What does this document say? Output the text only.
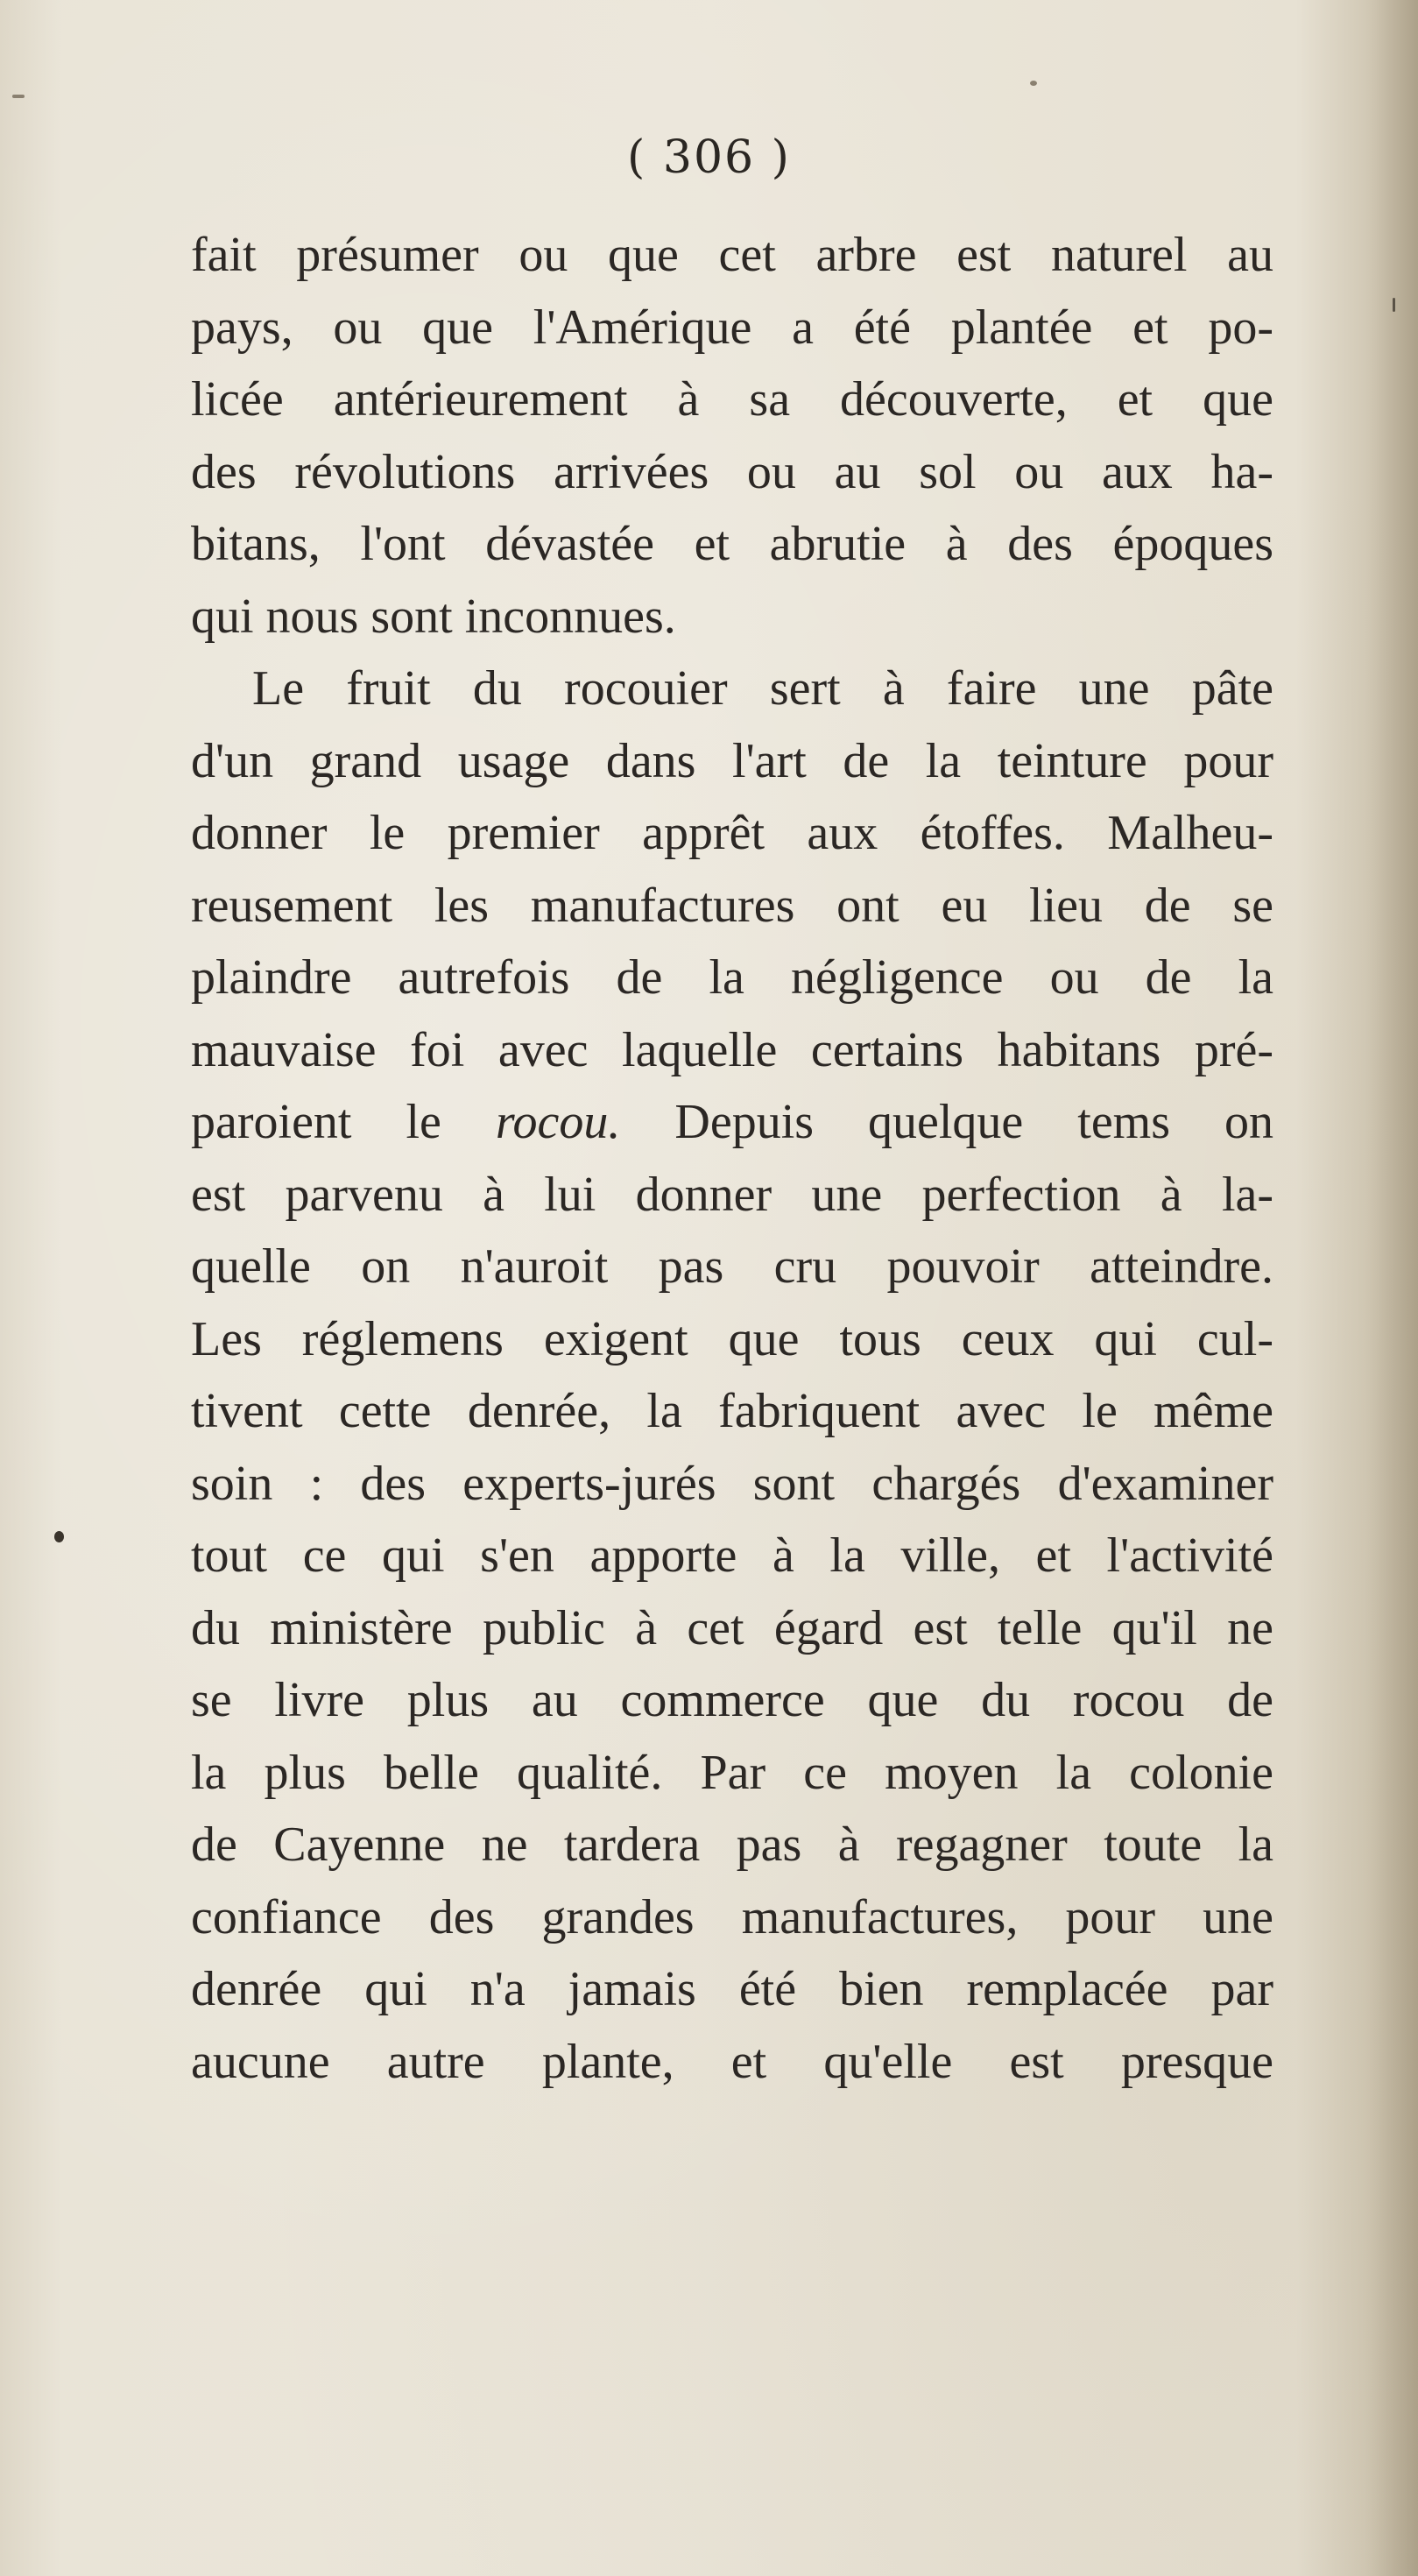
( 306 )
fait présumer ou que cet arbre est naturel au
pays, ou que l'Amérique a été plantée et po-
licée antérieurement à sa découverte, et que
des révolutions arrivées ou au sol ou aux ha-
bitans, l'ont dévastée et abrutie à des époques
qui nous sont inconnues.
Le fruit du rocouier sert à faire une pâte
d'un grand usage dans l'art de la teinture pour
donner le premier apprêt aux étoffes. Malheu-
reusement les manufactures ont eu lieu de se
plaindre autrefois de la négligence ou de la
mauvaise foi avec laquelle certains habitans pré-
paroient le rocou. Depuis quelque tems on
est parvenu à lui donner une perfection à la-
quelle on n'auroit pas cru pouvoir atteindre.
Les réglemens exigent que tous ceux qui cul-
tivent cette denrée, la fabriquent avec le même
soin : des experts-jurés sont chargés d'examiner
tout ce qui s'en apporte à la ville, et l'activité
du ministère public à cet égard est telle qu'il ne
se livre plus au commerce que du rocou de
la plus belle qualité. Par ce moyen la colonie
de Cayenne ne tardera pas à regagner toute la
confiance des grandes manufactures, pour une
denrée qui n'a jamais été bien remplacée par
aucune autre plante, et qu'elle est presque
